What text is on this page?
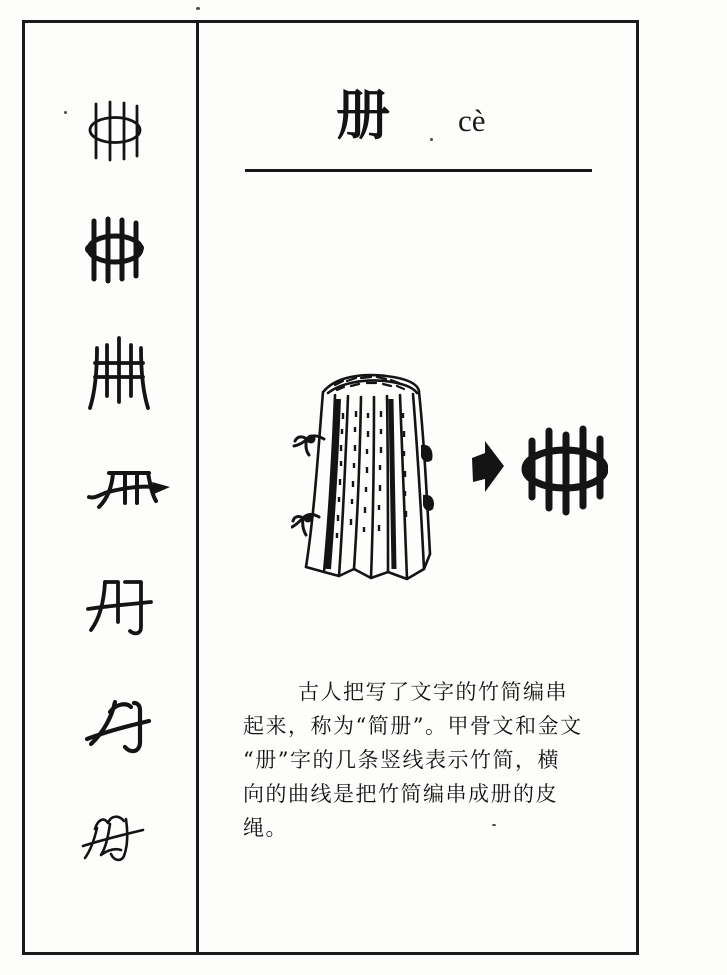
册 cè
古人把写了文字的竹简编串
起来，称为“简册”。甲骨文和金文
“册”字的几条竖线表示竹简，横
向的曲线是把竹简编串成册的皮
绳。
